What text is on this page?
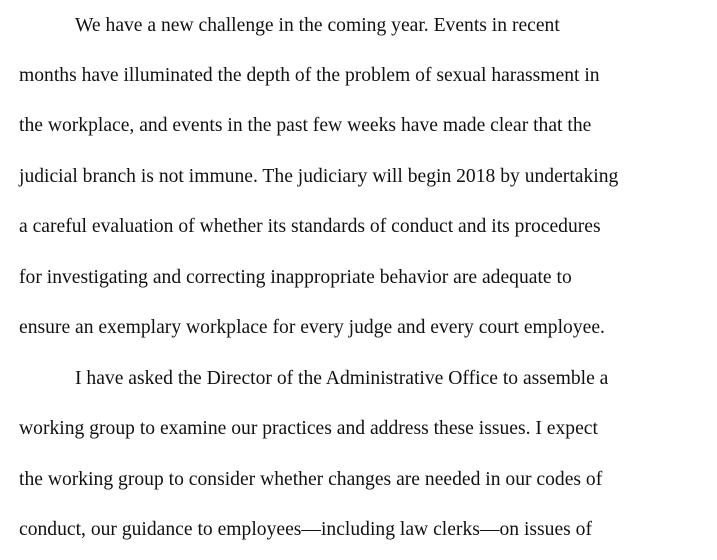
We have a new challenge in the coming year. Events in recent
months have illuminated the depth of the problem of sexual harassment in
the workplace, and events in the past few weeks have made clear that the
judicial branch is not immune. The judiciary will begin 2018 by undertaking
a careful evaluation of whether its standards of conduct and its procedures
for investigating and correcting inappropriate behavior are adequate to
ensure an exemplary workplace for every judge and every court employee.
I have asked the Director of the Administrative Office to assemble a
working group to examine our practices and address these issues. I expect
the working group to consider whether changes are needed in our codes of
conduct, our guidance to employees—including law clerks—on issues of
